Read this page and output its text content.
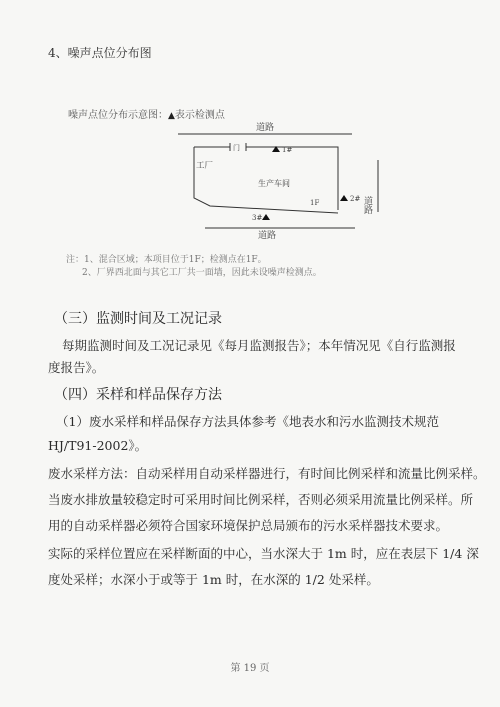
4、噪声点位分布图
噪声点位分布示意图：▲表示检测点
道路
道路
道路
工厂
生产车间
门	1#
2#
3#
1F
注：1、混合区域；本项目位于1F；检测点在1F。
2、厂界西北面与其它工厂共一面墙，因此未设噪声检测点。
（三）监测时间及工况记录
每期监测时间及工况记录见《每月监测报告》；本年情况见《自行监测报
度报告》。
（四）采样和样品保存方法
（1）废水采样和样品保存方法具体参考《地表水和污水监测技术规范
HJ/T91-2002》。
废水采样方法：自动采样用自动采样器进行，有时间比例采样和流量比例采样。
当废水排放量较稳定时可采用时间比例采样，否则必须采用流量比例采样。所
用的自动采样器必须符合国家环境保护总局颁布的污水采样器技术要求。
实际的采样位置应在采样断面的中心，当水深大于 1m 时，应在表层下 1/4 深
度处采样；水深小于或等于 1m 时，在水深的 1/2 处采样。
第 19 页
